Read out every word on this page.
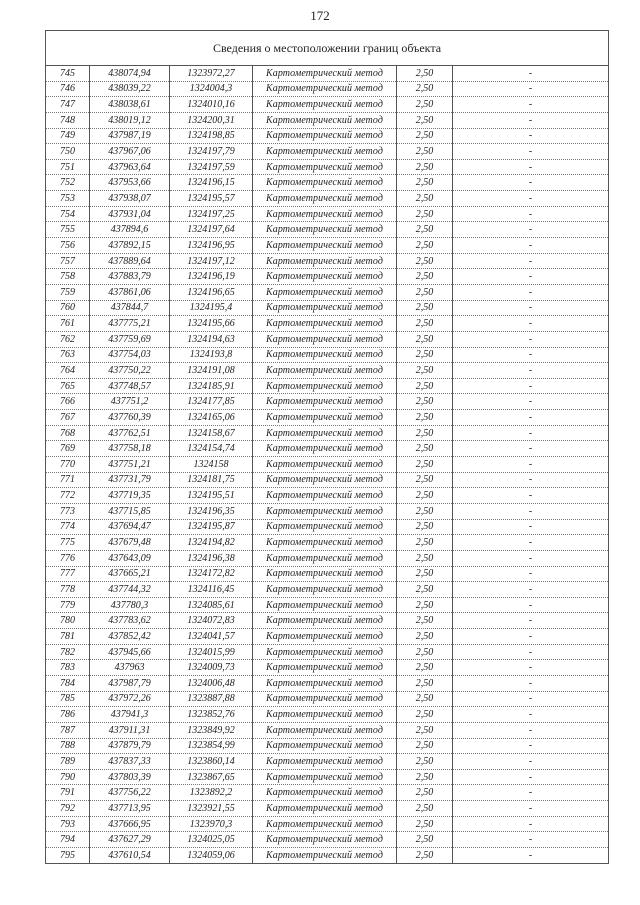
172
Сведения о местоположении границ объекта					
745	438074,94	1323972,27	Картометрический метод	2,50	-
746	438039,22	1324004,3	Картометрический метод	2,50	-
747	438038,61	1324010,16	Картометрический метод	2,50	-
748	438019,12	1324200,31	Картометрический метод	2,50	-
749	437987,19	1324198,85	Картометрический метод	2,50	-
750	437967,06	1324197,79	Картометрический метод	2,50	-
751	437963,64	1324197,59	Картометрический метод	2,50	-
752	437953,66	1324196,15	Картометрический метод	2,50	-
753	437938,07	1324195,57	Картометрический метод	2,50	-
754	437931,04	1324197,25	Картометрический метод	2,50	-
755	437894,6	1324197,64	Картометрический метод	2,50	-
756	437892,15	1324196,95	Картометрический метод	2,50	-
757	437889,64	1324197,12	Картометрический метод	2,50	-
758	437883,79	1324196,19	Картометрический метод	2,50	-
759	437861,06	1324196,65	Картометрический метод	2,50	-
760	437844,7	1324195,4	Картометрический метод	2,50	-
761	437775,21	1324195,66	Картометрический метод	2,50	-
762	437759,69	1324194,63	Картометрический метод	2,50	-
763	437754,03	1324193,8	Картометрический метод	2,50	-
764	437750,22	1324191,08	Картометрический метод	2,50	-
765	437748,57	1324185,91	Картометрический метод	2,50	-
766	437751,2	1324177,85	Картометрический метод	2,50	-
767	437760,39	1324165,06	Картометрический метод	2,50	-
768	437762,51	1324158,67	Картометрический метод	2,50	-
769	437758,18	1324154,74	Картометрический метод	2,50	-
770	437751,21	1324158	Картометрический метод	2,50	-
771	437731,79	1324181,75	Картометрический метод	2,50	-
772	437719,35	1324195,51	Картометрический метод	2,50	-
773	437715,85	1324196,35	Картометрический метод	2,50	-
774	437694,47	1324195,87	Картометрический метод	2,50	-
775	437679,48	1324194,82	Картометрический метод	2,50	-
776	437643,09	1324196,38	Картометрический метод	2,50	-
777	437665,21	1324172,82	Картометрический метод	2,50	-
778	437744,32	1324116,45	Картометрический метод	2,50	-
779	437780,3	1324085,61	Картометрический метод	2,50	-
780	437783,62	1324072,83	Картометрический метод	2,50	-
781	437852,42	1324041,57	Картометрический метод	2,50	-
782	437945,66	1324015,99	Картометрический метод	2,50	-
783	437963	1324009,73	Картометрический метод	2,50	-
784	437987,79	1324006,48	Картометрический метод	2,50	-
785	437972,26	1323887,88	Картометрический метод	2,50	-
786	437941,3	1323852,76	Картометрический метод	2,50	-
787	437911,31	1323849,92	Картометрический метод	2,50	-
788	437879,79	1323854,99	Картометрический метод	2,50	-
789	437837,33	1323860,14	Картометрический метод	2,50	-
790	437803,39	1323867,65	Картометрический метод	2,50	-
791	437756,22	1323892,2	Картометрический метод	2,50	-
792	437713,95	1323921,55	Картометрический метод	2,50	-
793	437666,95	1323970,3	Картометрический метод	2,50	-
794	437627,29	1324025,05	Картометрический метод	2,50	-
795	437610,54	1324059,06	Картометрический метод	2,50	-
